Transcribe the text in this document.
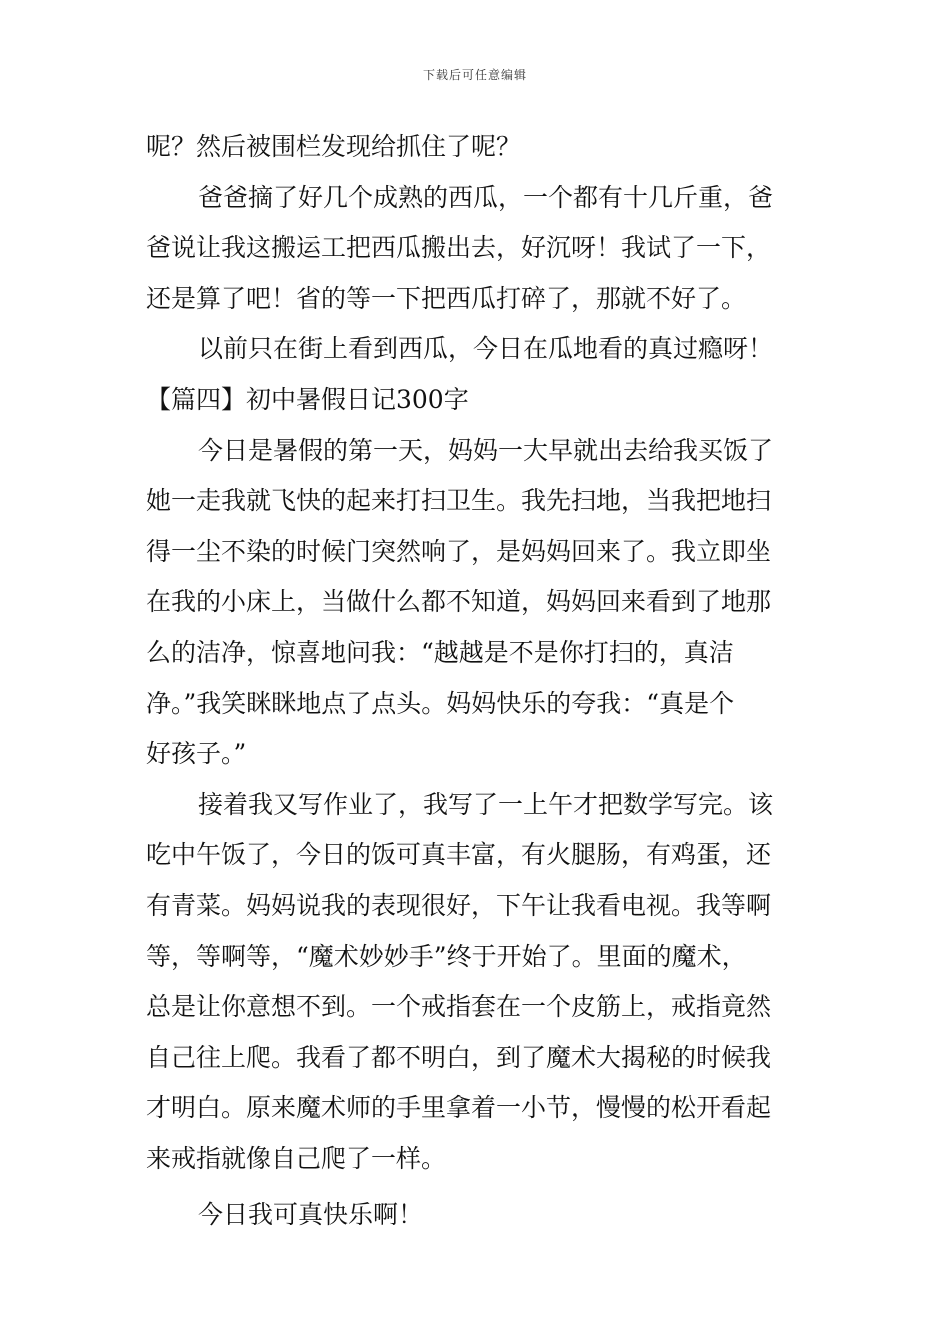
下载后可任意编辑
呢？然后被围栏发现给抓住了呢？
爸爸摘了好几个成熟的西瓜，一个都有十几斤重，爸
爸说让我这搬运工把西瓜搬出去，好沉呀！我试了一下，
还是算了吧！省的等一下把西瓜打碎了，那就不好了。
以前只在街上看到西瓜，今日在瓜地看的真过瘾呀！
【篇四】初中暑假日记300字
今日是暑假的第一天，妈妈一大早就出去给我买饭了
她一走我就飞快的起来打扫卫生。我先扫地，当我把地扫
得一尘不染的时候门突然响了，是妈妈回来了。我立即坐
在我的小床上，当做什么都不知道，妈妈回来看到了地那
么的洁净，惊喜地问我：“越越是不是你打扫的，真洁
净。”我笑眯眯地点了点头。妈妈快乐的夸我：“真是个
好孩子。”
接着我又写作业了，我写了一上午才把数学写完。该
吃中午饭了，今日的饭可真丰富，有火腿肠，有鸡蛋，还
有青菜。妈妈说我的表现很好，下午让我看电视。我等啊
等，等啊等，“魔术妙妙手”终于开始了。里面的魔术，
总是让你意想不到。一个戒指套在一个皮筋上，戒指竟然
自己往上爬。我看了都不明白，到了魔术大揭秘的时候我
才明白。原来魔术师的手里拿着一小节，慢慢的松开看起
来戒指就像自己爬了一样。
今日我可真快乐啊！
